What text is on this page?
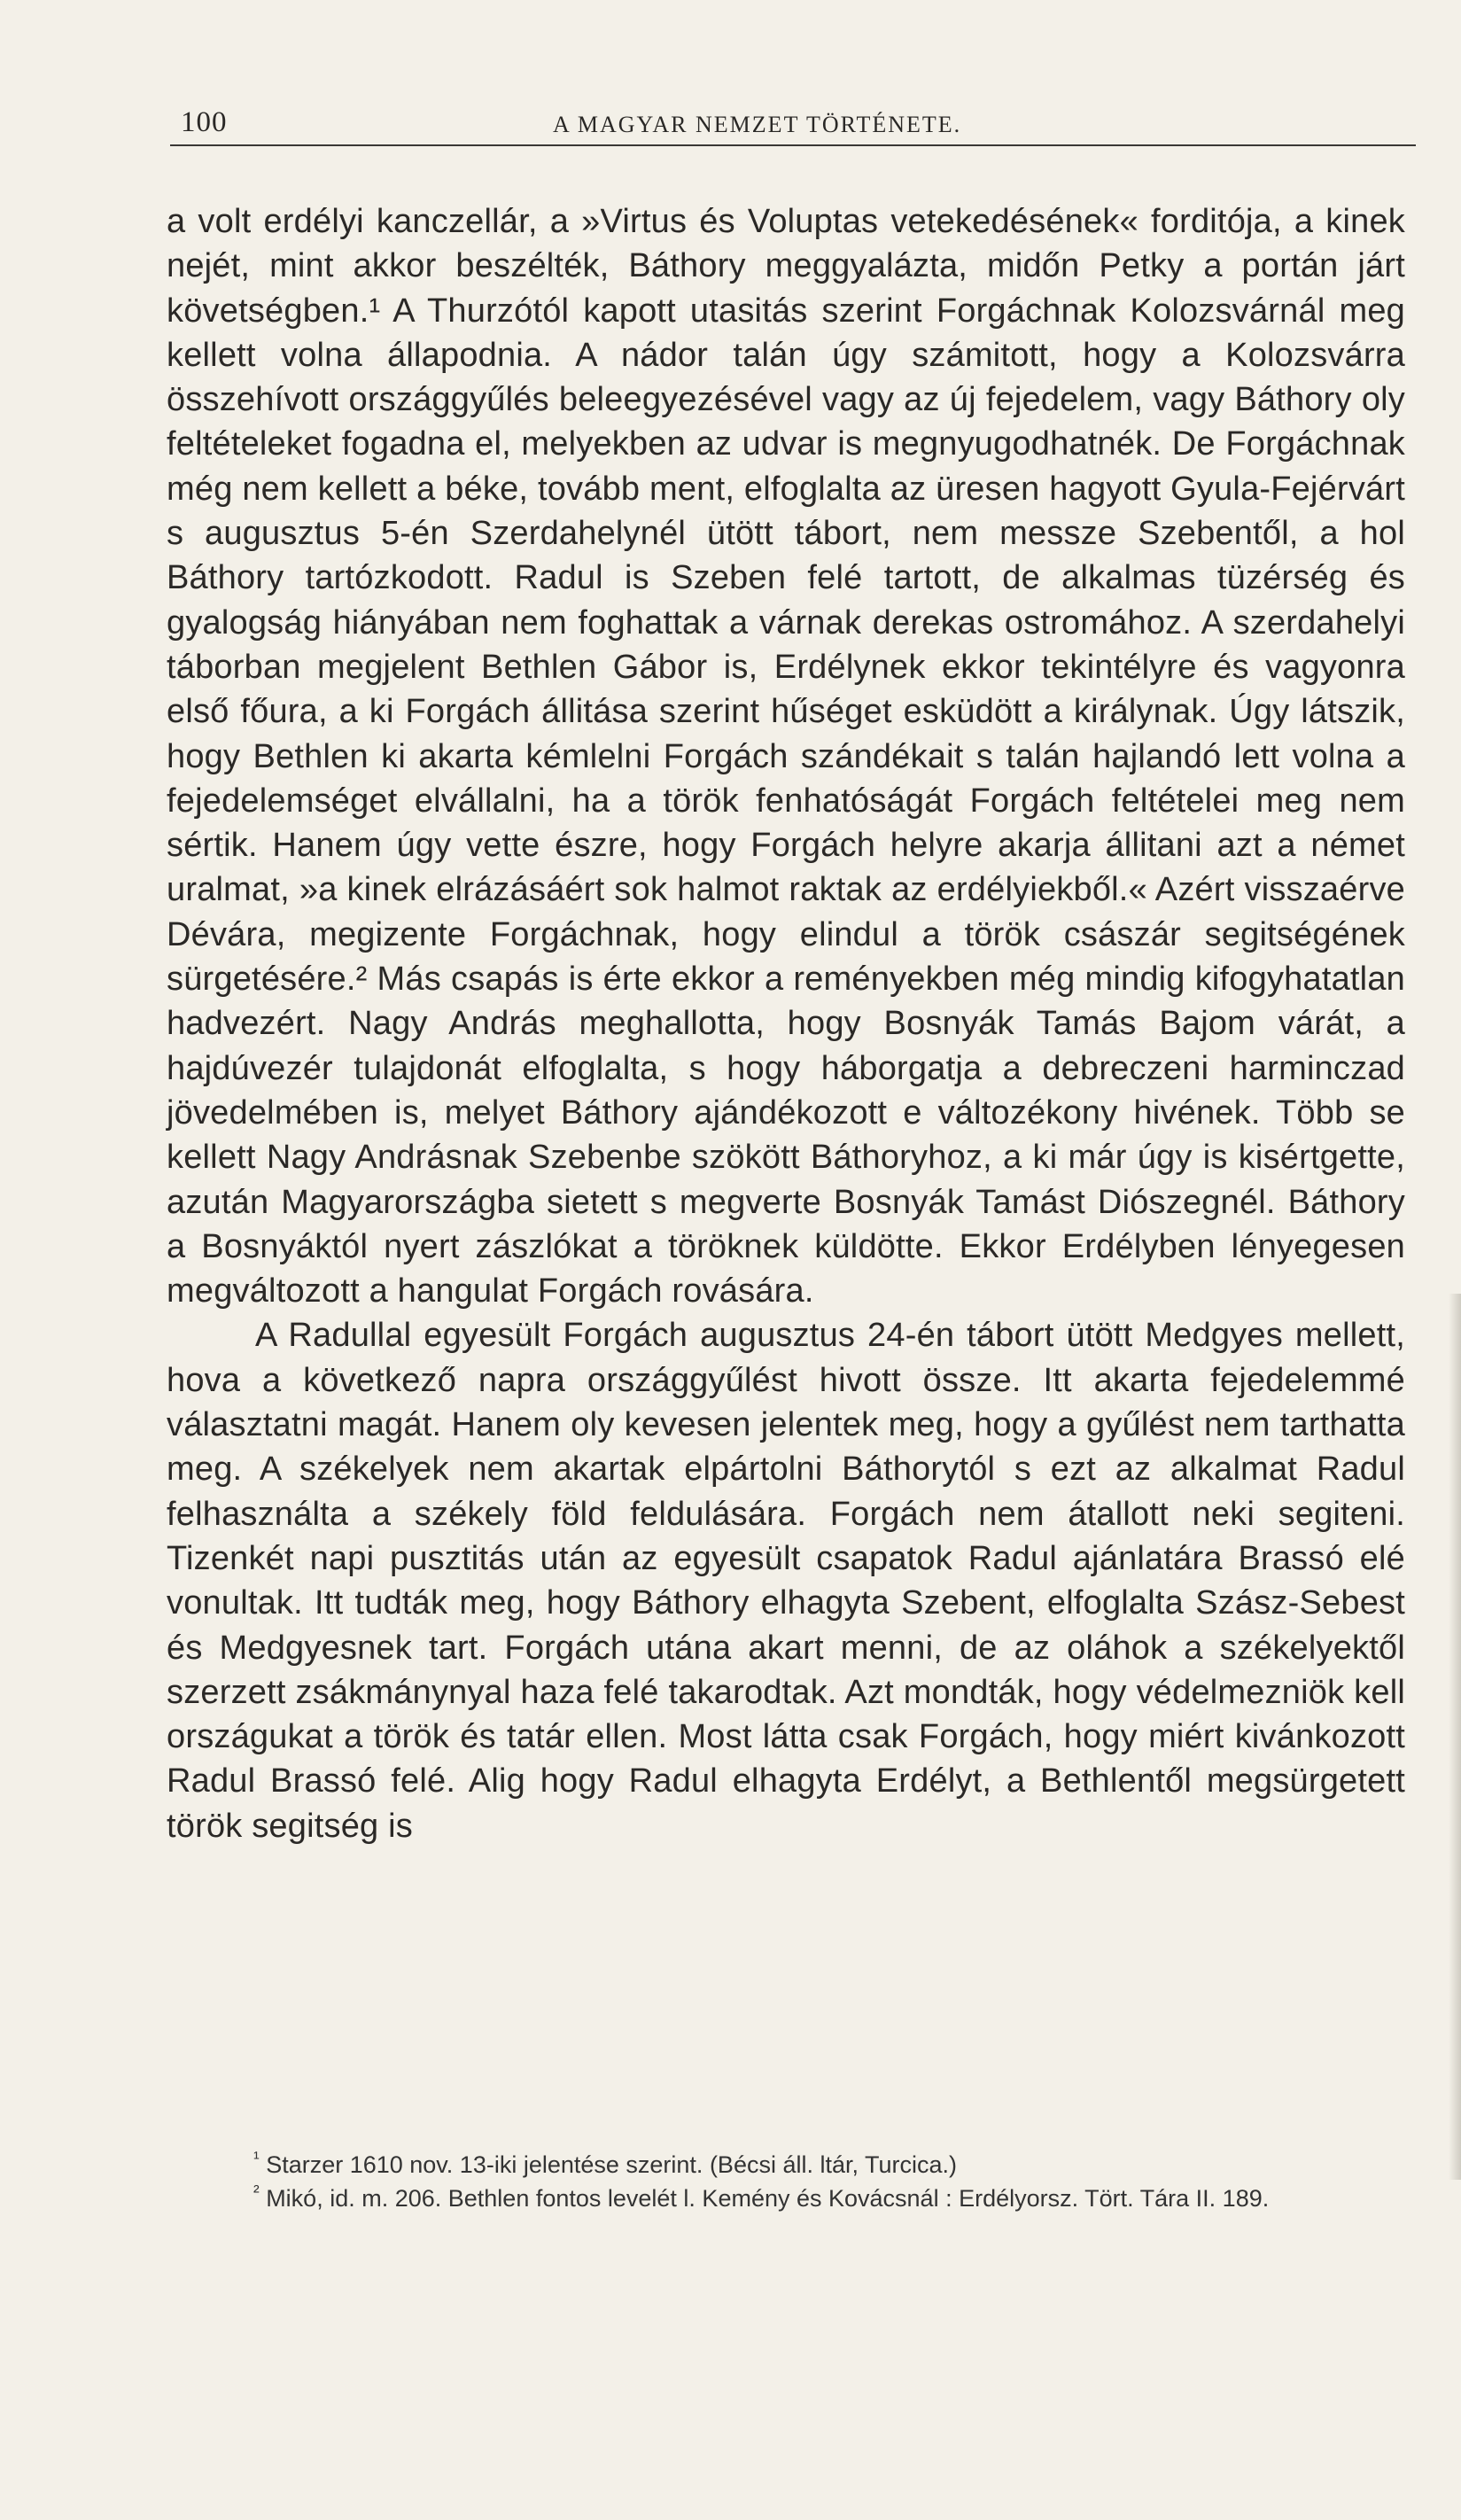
100	A MAGYAR NEMZET TÖRTÉNETE.

a volt erdélyi kanczellár, a »Virtus és Voluptas vetekedésének« forditója, a kinek nejét, mint akkor beszélték, Báthory meggyalázta, midőn Petky a portán járt követségben.¹ A Thurzótól kapott utasitás szerint Forgáchnak Kolozsvárnál meg kellett volna állapodnia. A nádor talán úgy számitott, hogy a Kolozsvárra összehívott országgyűlés beleegyezésével vagy az új fejedelem, vagy Báthory oly feltételeket fogadna el, melyekben az udvar is megnyugodhatnék. De Forgáchnak még nem kellett a béke, tovább ment, elfoglalta az üresen hagyott Gyula-Fejérvárt s augusztus 5-én Szerdahelynél ütött tábort, nem messze Szebentől, a hol Báthory tartózkodott. Radul is Szeben felé tartott, de alkalmas tüzérség és gyalogság hiányában nem foghattak a várnak derekas ostromához. A szerdahelyi táborban megjelent Bethlen Gábor is, Erdélynek ekkor tekintélyre és vagyonra első főura, a ki Forgách állitása szerint hűséget esküdött a királynak. Úgy látszik, hogy Bethlen ki akarta kémlelni Forgách szándékait s talán hajlandó lett volna a fejedelemséget elvállalni, ha a török fenhatóságát Forgách feltételei meg nem sértik. Hanem úgy vette észre, hogy Forgách helyre akarja állitani azt a német uralmat, »a kinek elrázásáért sok halmot raktak az erdélyiekből.« Azért visszaérve Dévára, megizente Forgáchnak, hogy elindul a török császár segitségének sürgetésére.² Más csapás is érte ekkor a reményekben még mindig kifogyhatatlan hadvezért. Nagy András meghallotta, hogy Bosnyák Tamás Bajom várát, a hajdúvezér tulajdonát elfoglalta, s hogy háborgatja a debreczeni harminczad jövedelmében is, melyet Báthory ajándékozott e változékony hivének. Több se kellett Nagy Andrásnak Szebenbe szökött Báthoryhoz, a ki már úgy is kisértgette, azután Magyarországba sietett s megverte Bosnyák Tamást Diószegnél. Báthory a Bosnyáktól nyert zászlókat a töröknek küldötte. Ekkor Erdélyben lényegesen megváltozott a hangulat Forgách rovására.

A Radullal egyesült Forgách augusztus 24-én tábort ütött Medgyes mellett, hova a következő napra országgyűlést hivott össze. Itt akarta fejedelemmé választatni magát. Hanem oly kevesen jelentek meg, hogy a gyűlést nem tarthatta meg. A székelyek nem akartak elpártolni Báthorytól s ezt az alkalmat Radul felhasználta a székely föld feldulására. Forgách nem átallott neki segiteni. Tizenkét napi pusztitás után az egyesült csapatok Radul ajánlatára Brassó elé vonultak. Itt tudták meg, hogy Báthory elhagyta Szebent, elfoglalta Szász-Sebest és Medgyesnek tart. Forgách utána akart menni, de az oláhok a székelyektől szerzett zsákmánynyal haza felé takarodtak. Azt mondták, hogy védelmezniök kell országukat a török és tatár ellen. Most látta csak Forgách, hogy miért kivánkozott Radul Brassó felé. Alig hogy Radul elhagyta Erdélyt, a Bethlentől megsürgetett török segitség is

$^{^1}$ Starzer 1610 nov. 13-iki jelentése szerint. (Bécsi áll. ltár, Turcica.)
$^{^2}$ Mikó, id. m. 206. Bethlen fontos levelét l. Kemény és Kovácsnál : Erdélyorsz. Tört. Tára II. 189.
